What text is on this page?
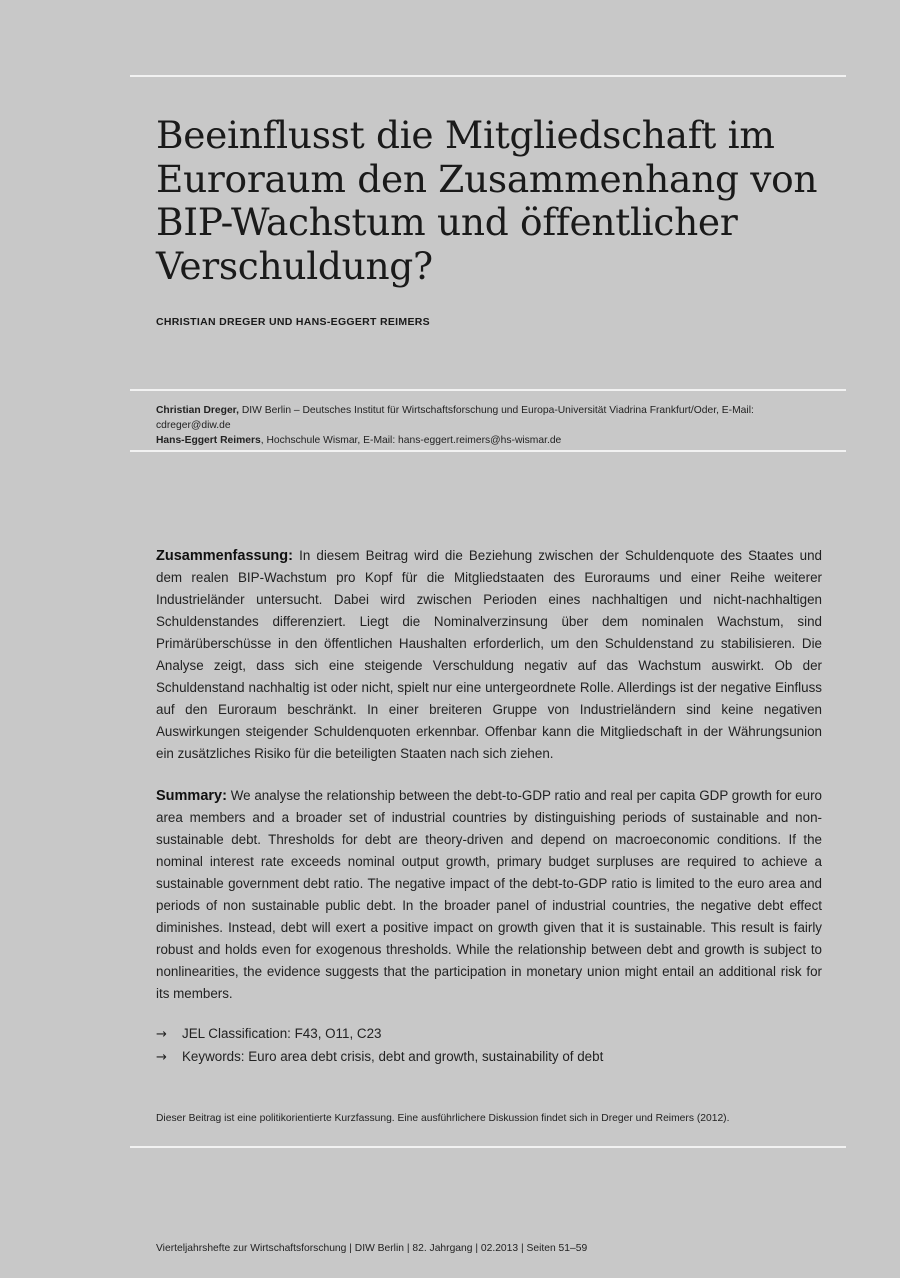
Beeinflusst die Mitgliedschaft im Euroraum den Zusammenhang von BIP-Wachstum und öffentlicher Verschuldung?
CHRISTIAN DREGER UND HANS-EGGERT REIMERS

Christian Dreger, DIW Berlin – Deutsches Institut für Wirtschaftsforschung und Europa-Universität Viadrina Frankfurt/Oder, E-Mail: cdreger@diw.de

Hans-Eggert Reimers, Hochschule Wismar, E-Mail: hans-eggert.reimers@hs-wismar.de

Zusammenfassung: In diesem Beitrag wird die Beziehung zwischen der Schuldenquote des Staates und dem realen BIP-Wachstum pro Kopf für die Mitgliedstaaten des Euroraums und einer Reihe weiterer Industrieländer untersucht. Dabei wird zwischen Perioden eines nachhaltigen und nicht-nachhaltigen Schuldenstandes differenziert. Liegt die Nominalverzinsung über dem nominalen Wachstum, sind Primärüberschüsse in den öffentlichen Haushalten erforderlich, um den Schuldenstand zu stabilisieren. Die Analyse zeigt, dass sich eine steigende Verschuldung negativ auf das Wachstum auswirkt. Ob der Schuldenstand nachhaltig ist oder nicht, spielt nur eine untergeordnete Rolle. Allerdings ist der negative Einfluss auf den Euroraum beschränkt. In einer breiteren Gruppe von Industrieländern sind keine negativen Auswirkungen steigender Schuldenquoten erkennbar. Offenbar kann die Mitgliedschaft in der Währungsunion ein zusätzliches Risiko für die beteiligten Staaten nach sich ziehen.

Summary: We analyse the relationship between the debt-to-GDP ratio and real per capita GDP growth for euro area members and a broader set of industrial countries by distinguishing periods of sustainable and non-sustainable debt. Thresholds for debt are theory-driven and depend on macroeconomic conditions. If the nominal interest rate exceeds nominal output growth, primary budget surpluses are required to achieve a sustainable government debt ratio. The negative impact of the debt-to-GDP ratio is limited to the euro area and periods of non sustainable public debt. In the broader panel of industrial countries, the negative debt effect diminishes. Instead, debt will exert a positive impact on growth given that it is sustainable. This result is fairly robust and holds even for exogenous thresholds. While the relationship between debt and growth is subject to nonlinearities, the evidence suggests that the participation in monetary union might entail an additional risk for its members.

→	JEL Classification: F43, O11, C23
→	Keywords: Euro area debt crisis, debt and growth, sustainability of debt
Dieser Beitrag ist eine politikorientierte Kurzfassung. Eine ausführlichere Diskussion findet sich in Dreger und Reimers (2012).
Vierteljahrshefte zur Wirtschaftsforschung | DIW Berlin | 82. Jahrgang | 02.2013 | Seiten 51–59
